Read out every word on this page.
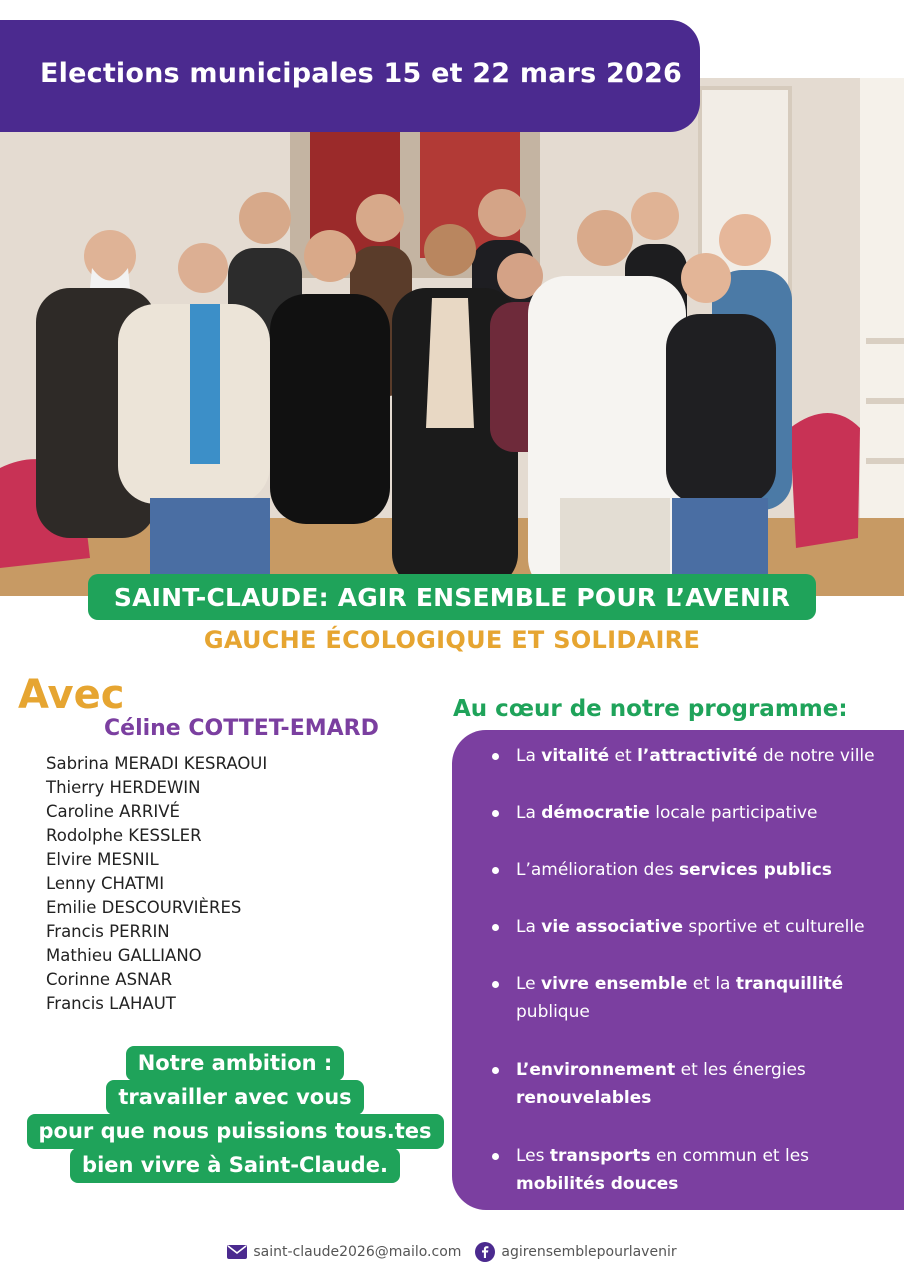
Elections municipales 15 et 22 mars 2026
SAINT-CLAUDE: AGIR ENSEMBLE POUR L’AVENIR
GAUCHE ÉCOLOGIQUE ET SOLIDAIRE
Avec
Céline COTTET-EMARD
Sabrina MERADI KESRAOUI
Thierry HERDEWIN
Caroline ARRIVÉ
Rodolphe KESSLER
Elvire MESNIL
Lenny CHATMI
Emilie DESCOURVIÈRES
Francis PERRIN
Mathieu GALLIANO
Corinne ASNAR
Francis LAHAUT
Notre ambition :
travailler avec vous
pour que nous puissions tous.tes
bien vivre à Saint-Claude.
Au cœur de notre programme:
La vitalité et l’attractivité de notre ville
La démocratie locale participative
L’amélioration des services publics
La vie associative sportive et culturelle
Le vivre ensemble et la tranquillité publique
L’environnement et les énergies renouvelables
Les transports en commun et les mobilités douces
saint-claude2026@mailo.com	agirensemblepourlavenir
